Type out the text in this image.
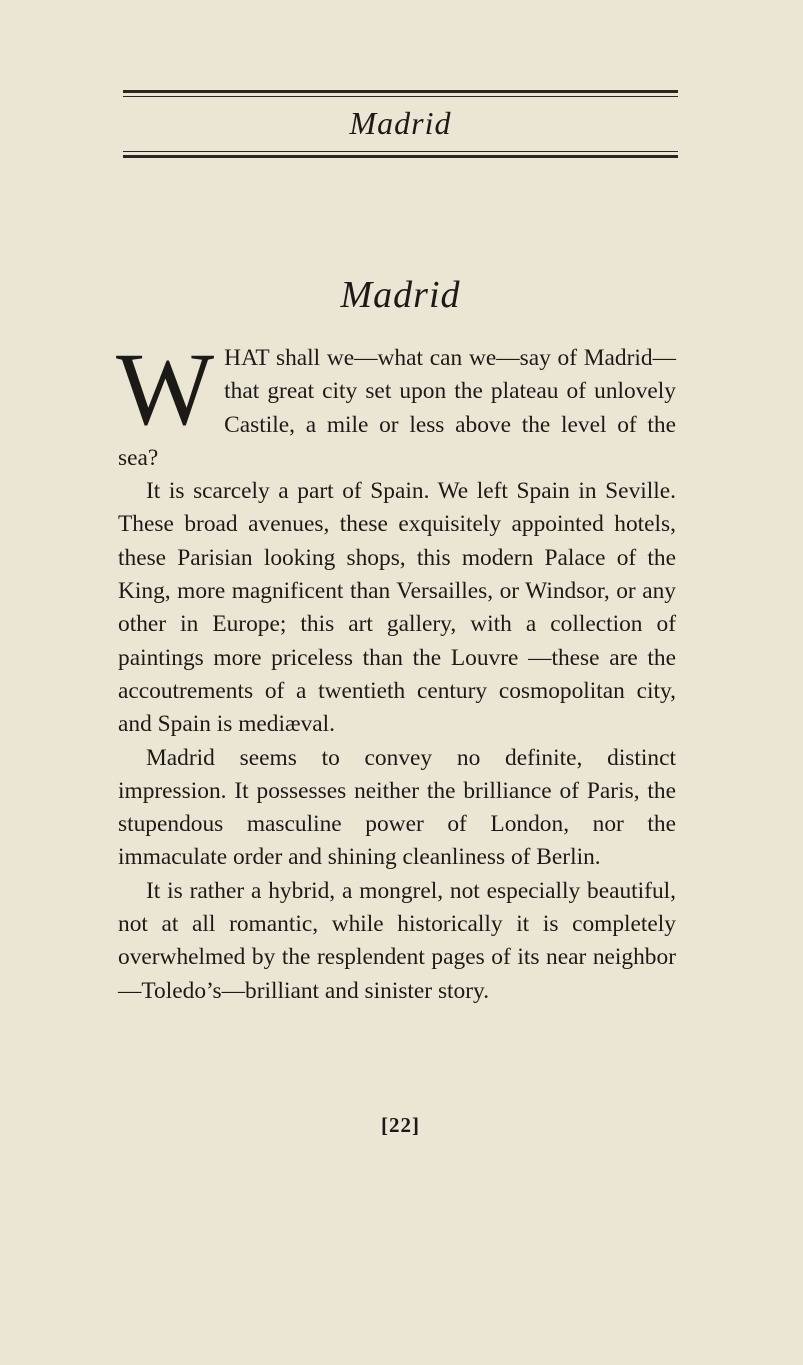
Madrid
Madrid

WHAT shall we—what can we—say of Madrid—that great city set upon the plateau of unlovely Castile, a mile or less above the level of the sea?

It is scarcely a part of Spain. We left Spain in Seville. These broad avenues, these exquisitely appointed hotels, these Parisian looking shops, this modern Palace of the King, more magnificent than Versailles, or Windsor, or any other in Europe; this art gallery, with a collection of paintings more priceless than the Louvre —these are the accoutrements of a twentieth century cosmopolitan city, and Spain is mediæval.

Madrid seems to convey no definite, distinct impression. It possesses neither the brilliance of Paris, the stupendous masculine power of London, nor the immaculate order and shining cleanliness of Berlin.

It is rather a hybrid, a mongrel, not especially beautiful, not at all romantic, while historically it is completely overwhelmed by the resplendent pages of its near neighbor—Toledo’s—brilliant and sinister story.

[22]
